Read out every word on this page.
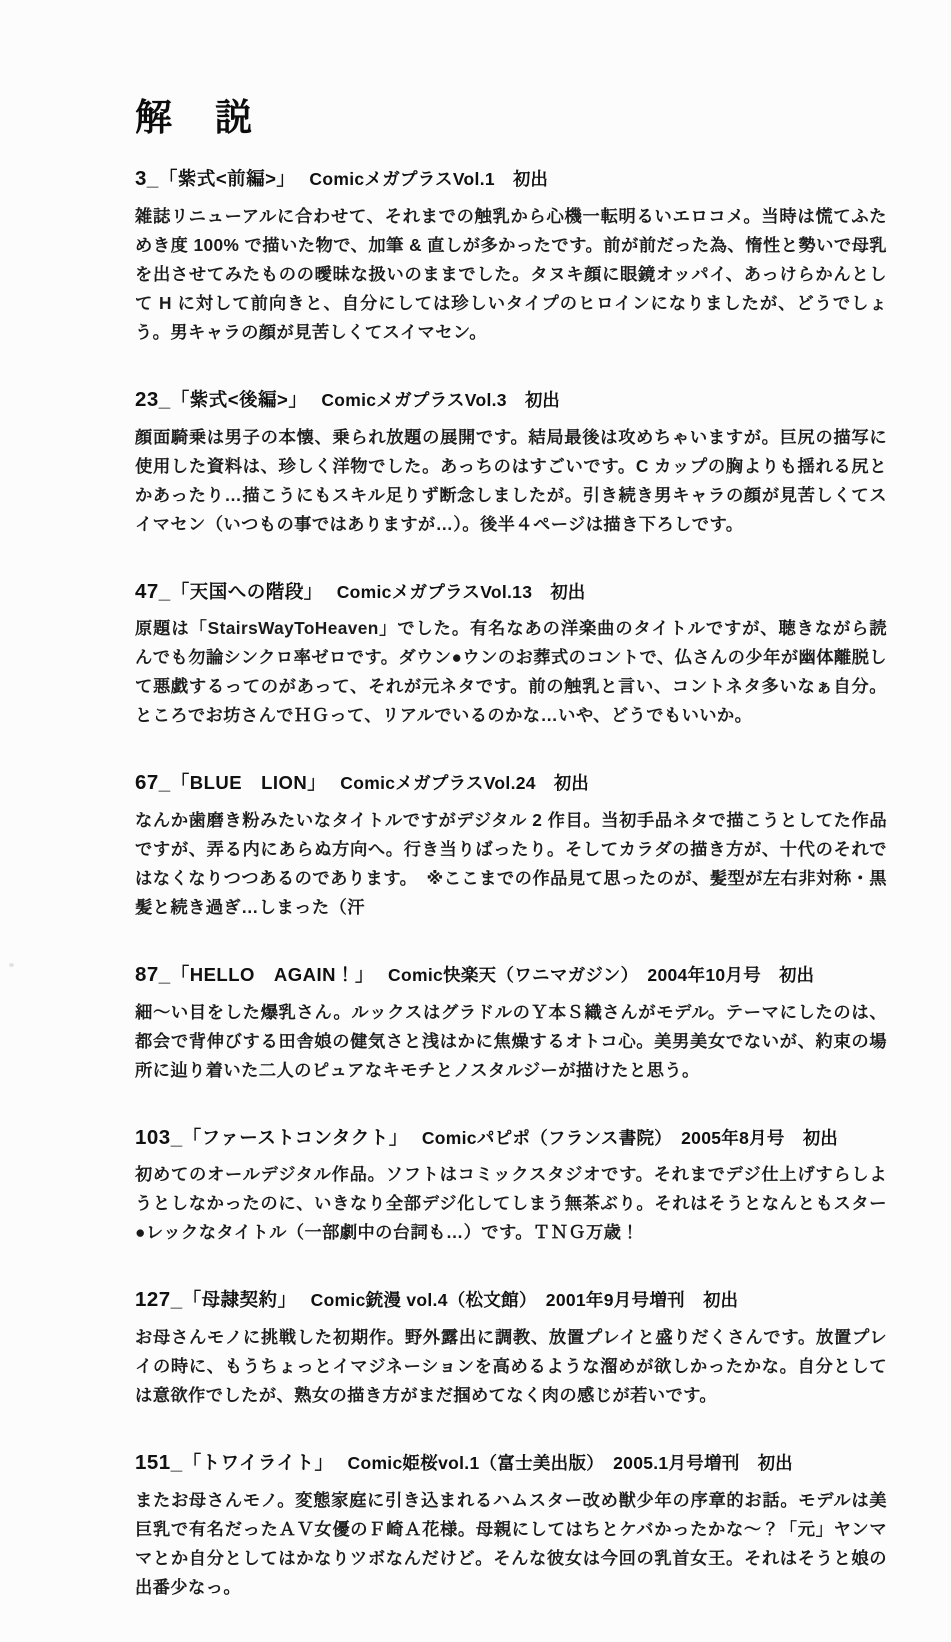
解　説

3_「紫式<前編>」 ComicメガプラスVol.1 初出

雑誌リニューアルに合わせて、それまでの触乳から心機一転明るいエロコメ。当時は慌てふためき度 100% で描いた物で、加筆 & 直しが多かったです。前が前だった為、惰性と勢いで母乳を出させてみたものの曖昧な扱いのままでした。タヌキ顔に眼鏡オッパイ、あっけらかんとして H に対して前向きと、自分にしては珍しいタイプのヒロインになりましたが、どうでしょう。男キャラの顔が見苦しくてスイマセン。

23_「紫式<後編>」 ComicメガプラスVol.3 初出

顔面騎乗は男子の本懐、乗られ放題の展開です。結局最後は攻めちゃいますが。巨尻の描写に使用した資料は、珍しく洋物でした。あっちのはすごいです。C カップの胸よりも揺れる尻とかあったり…描こうにもスキル足りず断念しましたが。引き続き男キャラの顔が見苦しくてスイマセン（いつもの事ではありますが…）。後半４ページは描き下ろしです。

47_「天国への階段」 ComicメガプラスVol.13 初出

原題は「StairsWayToHeaven」でした。有名なあの洋楽曲のタイトルですが、聴きながら読んでも勿論シンクロ率ゼロです。ダウン●ウンのお葬式のコントで、仏さんの少年が幽体離脱して悪戯するってのがあって、それが元ネタです。前の触乳と言い、コントネタ多いなぁ自分。ところでお坊さんでＨＧって、リアルでいるのかな…いや、どうでもいいか。

67_「BLUE　LION」 ComicメガプラスVol.24 初出

なんか歯磨き粉みたいなタイトルですがデジタル 2 作目。当初手品ネタで描こうとしてた作品ですが、弄る内にあらぬ方向へ。行き当りばったり。そしてカラダの描き方が、十代のそれではなくなりつつあるのであります。　※ここまでの作品見て思ったのが、髪型が左右非対称・黒髪と続き過ぎ…しまった（汗

87_「HELLO　AGAIN！」 Comic快楽天（ワニマガジン）　2004年10月号 初出

細〜い目をした爆乳さん。ルックスはグラドルのＹ本Ｓ織さんがモデル。テーマにしたのは、都会で背伸びする田舎娘の健気さと浅はかに焦燥するオトコ心。美男美女でないが、約束の場所に辿り着いた二人のピュアなキモチとノスタルジーが描けたと思う。

103_「ファーストコンタクト」 Comicパピポ（フランス書院）　2005年8月号 初出

初めてのオールデジタル作品。ソフトはコミックスタジオです。それまでデジ仕上げすらしようとしなかったのに、いきなり全部デジ化してしまう無茶ぶり。それはそうとなんともスター●レックなタイトル（一部劇中の台詞も…）です。ＴＮＧ万歳！

127_「母隷契約」 Comic銃漫 vol.4（松文館）　2001年9月号増刊 初出

お母さんモノに挑戦した初期作。野外露出に調教、放置プレイと盛りだくさんです。放置プレイの時に、もうちょっとイマジネーションを高めるような溜めが欲しかったかな。自分としては意欲作でしたが、熟女の描き方がまだ掴めてなく肉の感じが若いです。

151_「トワイライト」 Comic姫桜vol.1（富士美出版）　2005.1月号増刊 初出

またお母さんモノ。変態家庭に引き込まれるハムスター改め獣少年の序章的お話。モデルは美巨乳で有名だったＡＶ女優のＦ崎Ａ花様。母親にしてはちとケバかったかな〜？「元」ヤンママとか自分としてはかなりツボなんだけど。そんな彼女は今回の乳首女王。それはそうと娘の出番少なっ。
